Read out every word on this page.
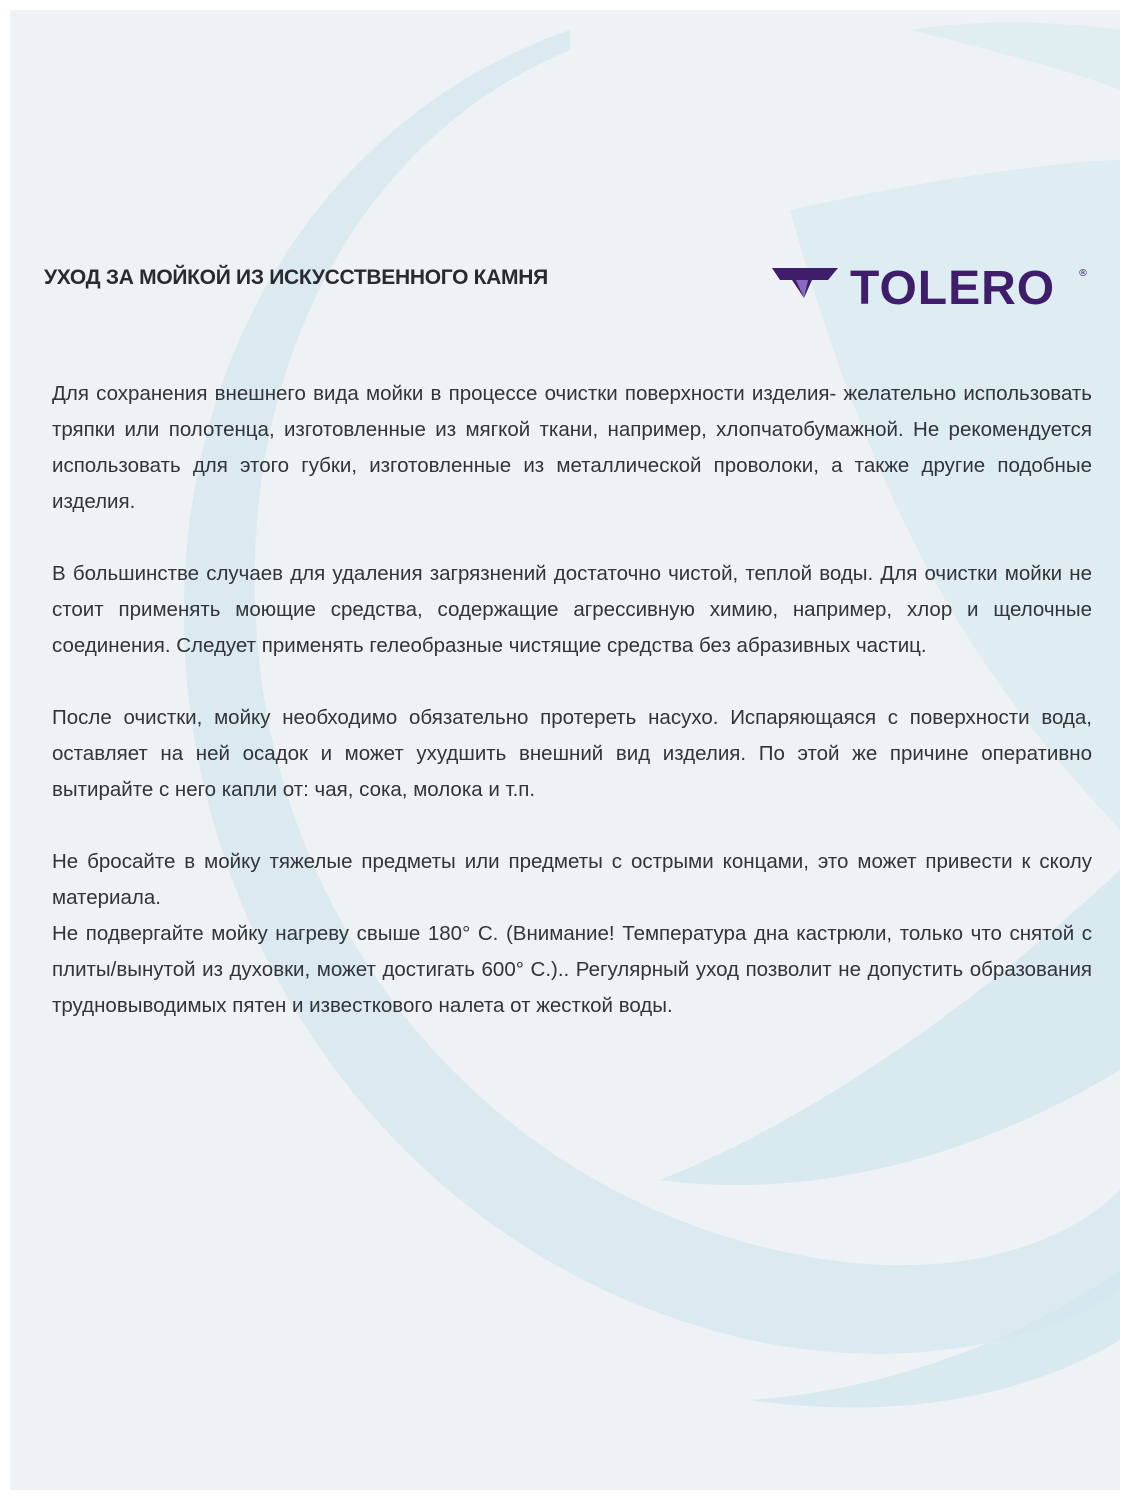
УХОД ЗА МОЙКОЙ ИЗ ИСКУССТВЕННОГО КАМНЯ	TOLERO ®

Для сохранения внешнего вида мойки в процессе очистки поверхности изделия- желательно использовать тряпки или полотенца, изготовленные из мягкой ткани, например, хлопчатобумажной. Не рекомендуется использовать для этого губки, изготовленные из металлической проволоки, а также другие подобные изделия.

В большинстве случаев для удаления загрязнений достаточно чистой, теплой воды. Для очистки мойки не стоит применять моющие средства, содержащие агрессивную химию, например, хлор и щелочные соединения. Следует применять гелеобразные чистящие средства без абразивных частиц.

После очистки, мойку необходимо обязательно протереть насухо. Испаряющаяся с поверхности вода, оставляет на ней осадок и может ухудшить внешний вид изделия. По этой же причине оперативно вытирайте с него капли от: чая, сока, молока и т.п.

Не бросайте в мойку тяжелые предметы или предметы с острыми концами, это может привести к сколу материала.

Не подвергайте мойку нагреву свыше 180° С. (Внимание! Температура дна кастрюли, только что снятой с плиты/вынутой из духовки, может достигать 600° С.).. Регулярный уход позволит не допустить образования трудновыводимых пятен и известкового налета от жесткой воды.
